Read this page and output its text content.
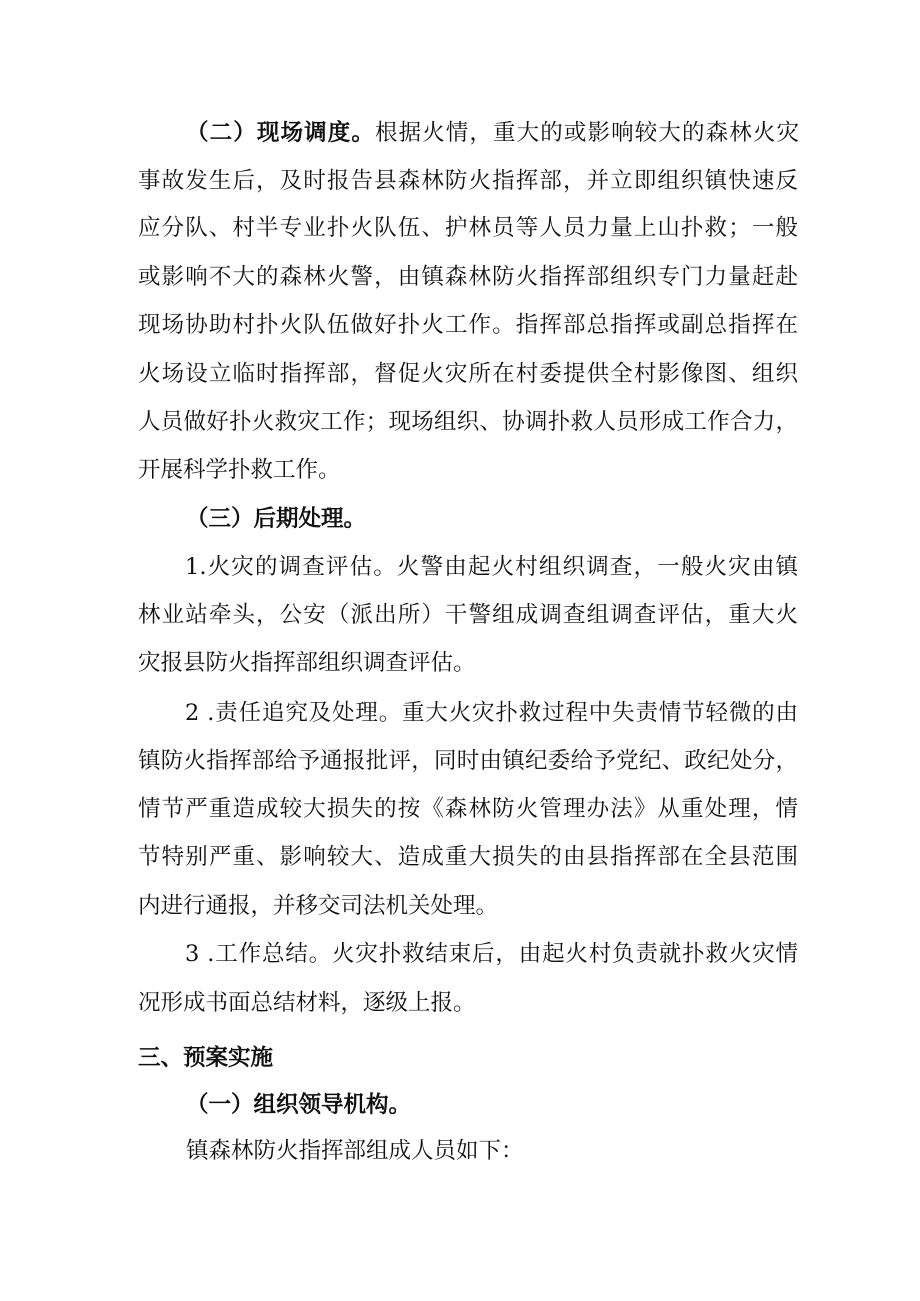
（二）现场调度。根据火情，重大的或影响较大的森林火灾
事故发生后，及时报告县森林防火指挥部，并立即组织镇快速反
应分队、村半专业扑火队伍、护林员等人员力量上山扑救；一般
或影响不大的森林火警，由镇森林防火指挥部组织专门力量赶赴
现场协助村扑火队伍做好扑火工作。指挥部总指挥或副总指挥在
火场设立临时指挥部，督促火灾所在村委提供全村影像图、组织
人员做好扑火救灾工作；现场组织、协调扑救人员形成工作合力，
开展科学扑救工作。
（三）后期处理。
1.火灾的调查评估。火警由起火村组织调查，一般火灾由镇
林业站牵头，公安（派出所）干警组成调查组调查评估，重大火
灾报县防火指挥部组织调查评估。
2 .责任追究及处理。重大火灾扑救过程中失责情节轻微的由
镇防火指挥部给予通报批评，同时由镇纪委给予党纪、政纪处分，
情节严重造成较大损失的按《森林防火管理办法》从重处理，情
节特别严重、影响较大、造成重大损失的由县指挥部在全县范围
内进行通报，并移交司法机关处理。
3 .工作总结。火灾扑救结束后，由起火村负责就扑救火灾情
况形成书面总结材料，逐级上报。
三、预案实施
（一）组织领导机构。
镇森林防火指挥部组成人员如下：
